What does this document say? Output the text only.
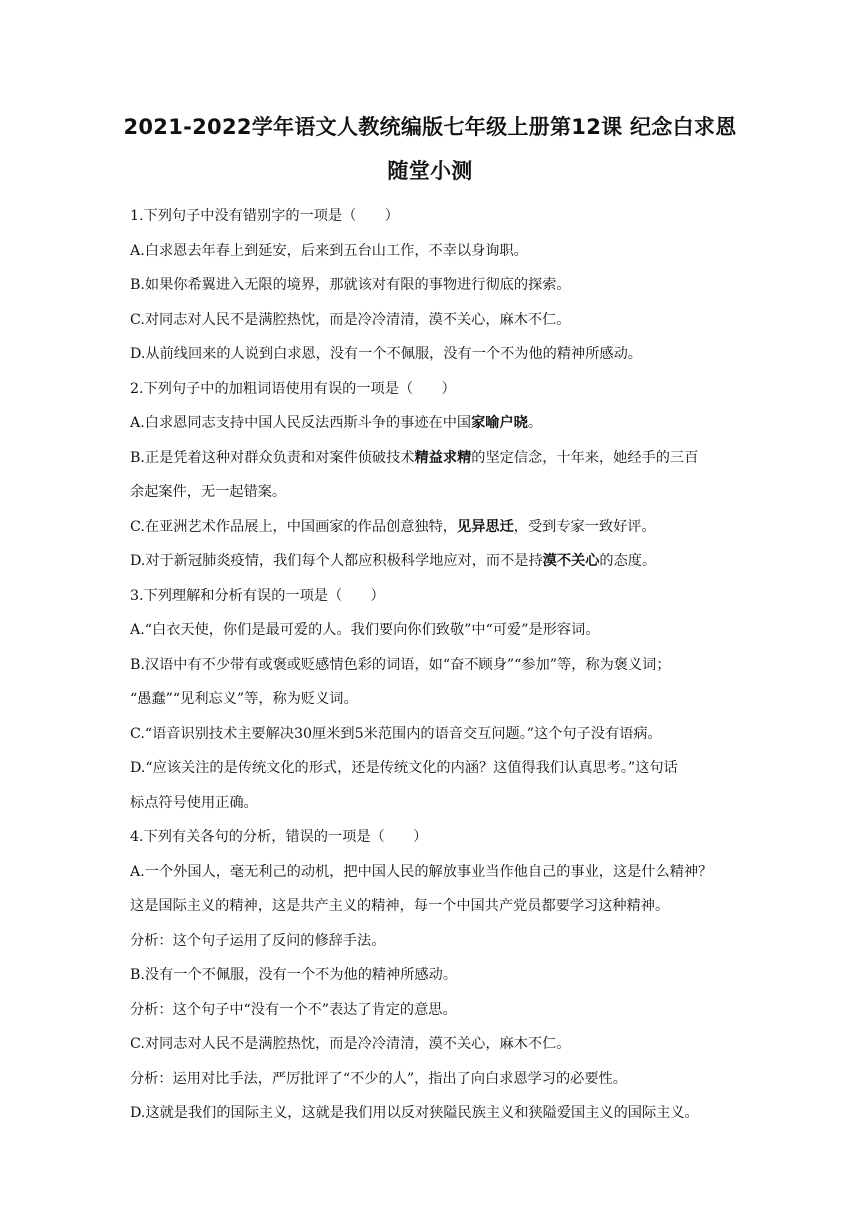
2021-2022学年语文人教统编版七年级上册第12课 纪念白求恩
随堂小测
1.下列句子中没有错别字的一项是（　　）
A.白求恩去年春上到延安，后来到五台山工作，不幸以身询职。
B.如果你希翼进入无限的境界，那就该对有限的事物进行彻底的探索。
C.对同志对人民不是满腔热忱，而是冷冷清清，漠不关心，麻木不仁。
D.从前线回来的人说到白求恩，没有一个不佩服，没有一个不为他的精神所感动。
2.下列句子中的加粗词语使用有误的一项是（　　）
A.白求恩同志支持中国人民反法西斯斗争的事迹在中国家喻户晓。
B.正是凭着这种对群众负责和对案件侦破技术精益求精的坚定信念，十年来，她经手的三百
余起案件，无一起错案。
C.在亚洲艺术作品展上，中国画家的作品创意独特，见异思迁，受到专家一致好评。
D.对于新冠肺炎疫情，我们每个人都应积极科学地应对，而不是持漠不关心的态度。
3.下列理解和分析有误的一项是（　　）
A.“白衣天使，你们是最可爱的人。我们要向你们致敬”中“可爱”是形容词。
B.汉语中有不少带有或褒或贬感情色彩的词语，如“奋不顾身”“参加”等，称为褒义词；
“愚蠢”“见利忘义”等，称为贬义词。
C.“语音识别技术主要解决30厘米到5米范围内的语音交互问题。”这个句子没有语病。
D.“应该关注的是传统文化的形式，还是传统文化的内涵？这值得我们认真思考。”这句话
标点符号使用正确。
4.下列有关各句的分析，错误的一项是（　　）
A.一个外国人，毫无利己的动机，把中国人民的解放事业当作他自己的事业，这是什么精神？
这是国际主义的精神，这是共产主义的精神，每一个中国共产党员都要学习这种精神。
分析：这个句子运用了反问的修辞手法。
B.没有一个不佩服，没有一个不为他的精神所感动。
分析：这个句子中“没有一个不”表达了肯定的意思。
C.对同志对人民不是满腔热忱，而是冷冷清清，漠不关心，麻木不仁。
分析：运用对比手法，严厉批评了“不少的人”，指出了向白求恩学习的必要性。
D.这就是我们的国际主义，这就是我们用以反对狭隘民族主义和狭隘爱国主义的国际主义。
